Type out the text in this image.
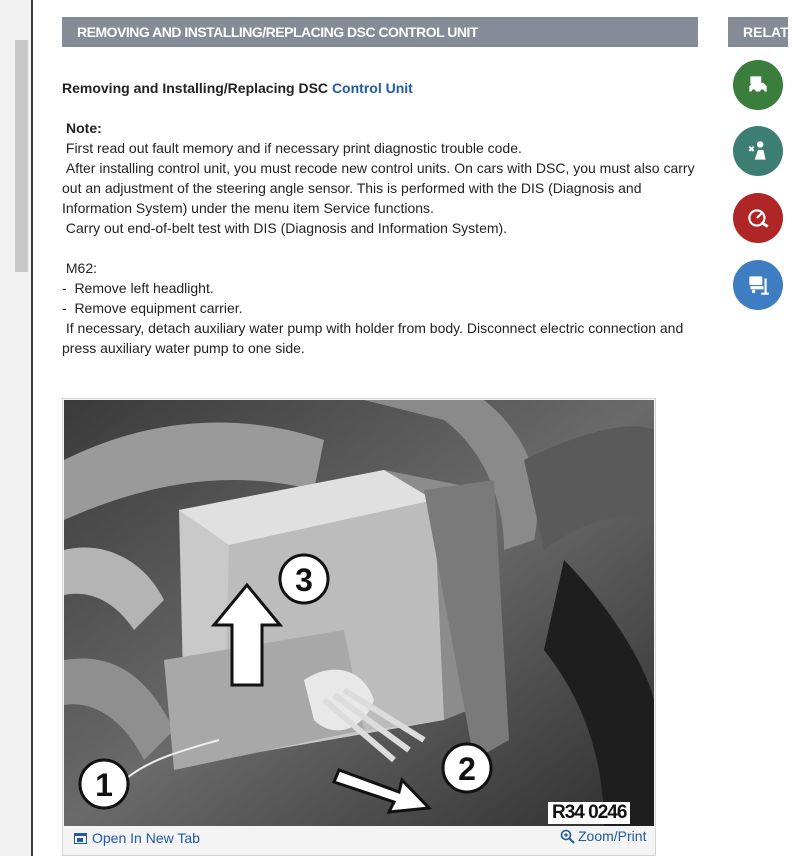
REMOVING AND INSTALLING/REPLACING DSC CONTROL UNIT	RELATED

Removing and Installing/Replacing DSC Control Unit

Note:

First read out fault memory and if necessary print diagnostic trouble code.

After installing control unit, you must recode new control units. On cars with DSC, you must also carry out an adjustment of the steering angle sensor. This is performed with the DIS (Diagnosis and Information System) under the menu item Service functions.

Carry out end-of-belt test with DIS (Diagnosis and Information System).

M62:

-  Remove left headlight.

-  Remove equipment carrier.

If necessary, detach auxiliary water pump with holder from body. Disconnect electric connection and press auxiliary water pump to one side.

1	2
3
R34 0246
Open In New Tab	Zoom/Print
